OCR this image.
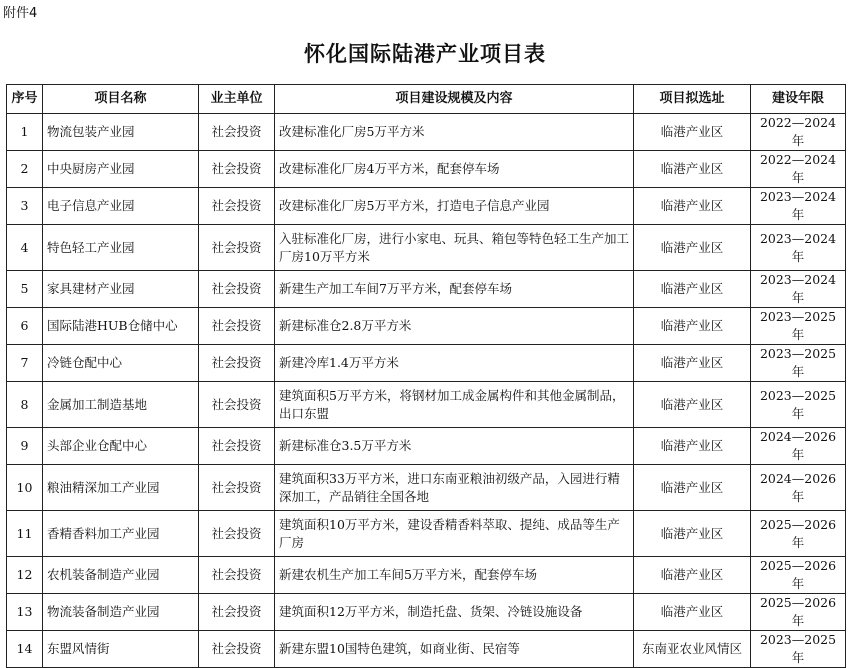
附件4
怀化国际陆港产业项目表
序号	项目名称	业主单位	项目建设规模及内容	项目拟选址	建设年限
1	物流包装产业园	社会投资	改建标准化厂房5万平方米	临港产业区	2022—2024年
2	中央厨房产业园	社会投资	改建标准化厂房4万平方米，配套停车场	临港产业区	2022—2024年
3	电子信息产业园	社会投资	改建标准化厂房5万平方米，打造电子信息产业园	临港产业区	2023—2024年
4	特色轻工产业园	社会投资	入驻标准化厂房，进行小家电、玩具、箱包等特色轻工生产加工厂房10万平方米	临港产业区	2023—2024年
5	家具建材产业园	社会投资	新建生产加工车间7万平方米，配套停车场	临港产业区	2023—2024年
6	国际陆港HUB仓储中心	社会投资	新建标准仓2.8万平方米	临港产业区	2023—2025年
7	冷链仓配中心	社会投资	新建冷库1.4万平方米	临港产业区	2023—2025年
8	金属加工制造基地	社会投资	建筑面积5万平方米，将钢材加工成金属构件和其他金属制品，出口东盟	临港产业区	2023—2025年
9	头部企业仓配中心	社会投资	新建标准仓3.5万平方米	临港产业区	2024—2026年
10	粮油精深加工产业园	社会投资	建筑面积33万平方米，进口东南亚粮油初级产品，入园进行精深加工，产品销往全国各地	临港产业区	2024—2026年
11	香精香料加工产业园	社会投资	建筑面积10万平方米，建设香精香料萃取、提纯、成品等生产厂房	临港产业区	2025—2026年
12	农机装备制造产业园	社会投资	新建农机生产加工车间5万平方米，配套停车场	临港产业区	2025—2026年
13	物流装备制造产业园	社会投资	建筑面积12万平方米，制造托盘、货架、冷链设施设备	临港产业区	2025—2026年
14	东盟风情街	社会投资	新建东盟10国特色建筑，如商业街、民宿等	东南亚农业风情区	2023—2025年
